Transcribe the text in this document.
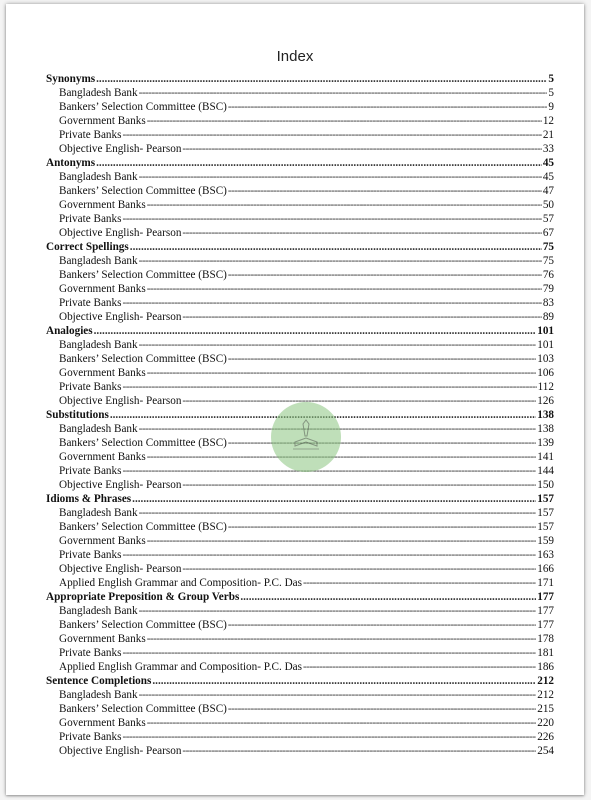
Index
Synonyms .....	5
Bangladesh Bank -----	5
Bankers’ Selection Committee (BSC) -----	9
Government Banks -----	12
Private Banks -----	21
Objective English- Pearson -----	33
Antonyms .....	45
Bangladesh Bank -----	45
Bankers’ Selection Committee (BSC) -----	47
Government Banks -----	50
Private Banks -----	57
Objective English- Pearson -----	67
Correct Spellings .....	75
Bangladesh Bank -----	75
Bankers’ Selection Committee (BSC) -----	76
Government Banks -----	79
Private Banks -----	83
Objective English- Pearson -----	89
Analogies .....	101
Bangladesh Bank -----	101
Bankers’ Selection Committee (BSC) -----	103
Government Banks -----	106
Private Banks -----	112
Objective English- Pearson -----	126
Substitutions .....	138
Bangladesh Bank -----	138
Bankers’ Selection Committee (BSC) -----	139
Government Banks -----	141
Private Banks -----	144
Objective English- Pearson -----	150
Idioms & Phrases .....	157
Bangladesh Bank -----	157
Bankers’ Selection Committee (BSC) -----	157
Government Banks -----	159
Private Banks -----	163
Objective English- Pearson -----	166
Applied English Grammar and Composition- P.C. Das -----	171
Appropriate Preposition & Group Verbs .....	177
Bangladesh Bank -----	177
Bankers’ Selection Committee (BSC) -----	177
Government Banks -----	178
Private Banks -----	181
Applied English Grammar and Composition- P.C. Das -----	186
Sentence Completions .....	212
Bangladesh Bank -----	212
Bankers’ Selection Committee (BSC) -----	215
Government Banks -----	220
Private Banks -----	226
Objective English- Pearson -----	254
